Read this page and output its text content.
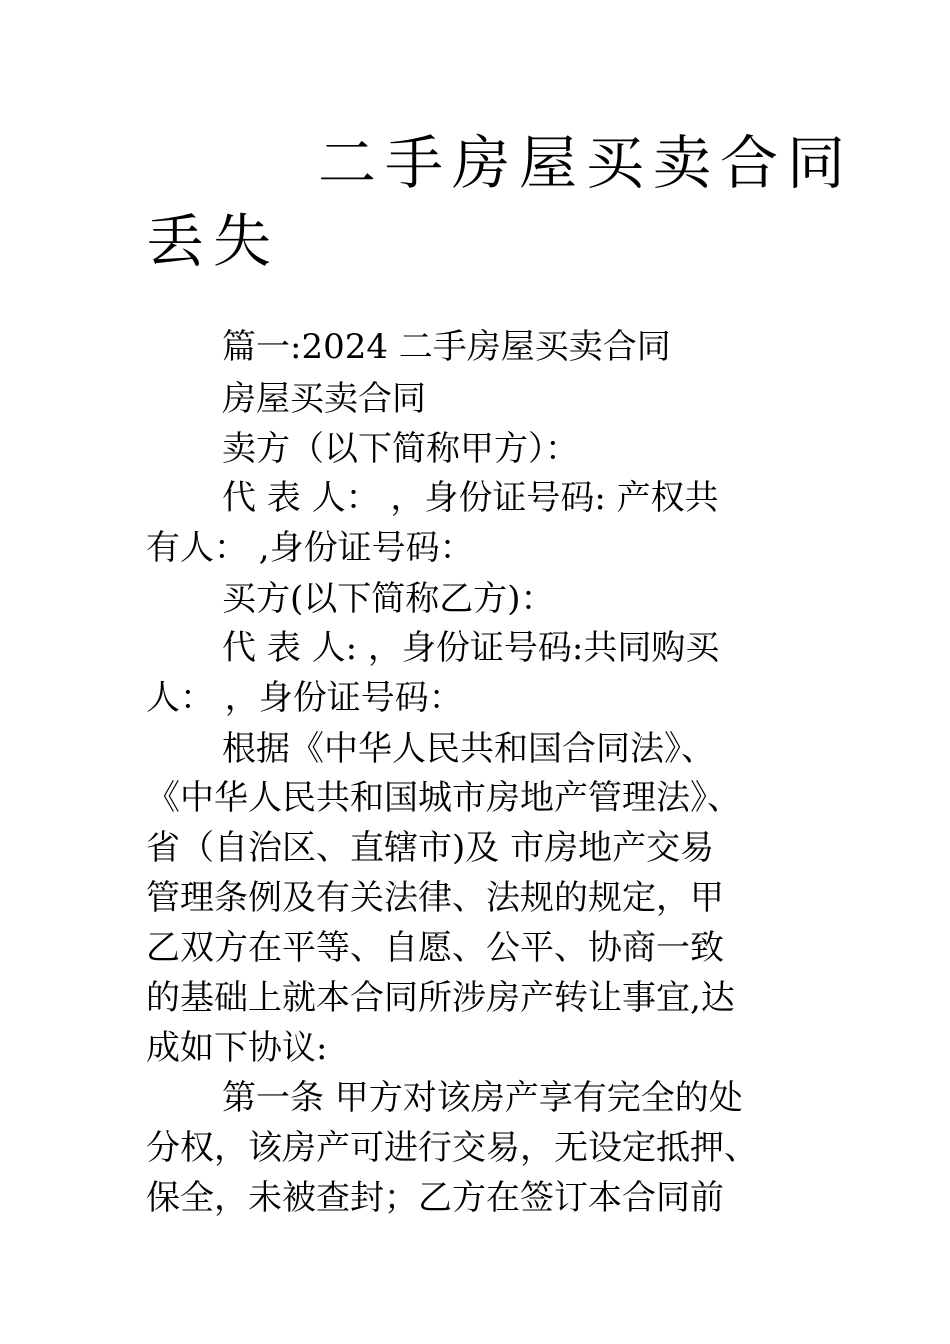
二手房屋买卖合同
丢失
篇一:2024 二手房屋买卖合同
房屋买卖合同
卖方（以下简称甲方）：
代 表 人： ，身份证号码: 产权共
有人： ,身份证号码：
买方(以下简称乙方)：
代 表 人: ，身份证号码:共同购买
人： ，身份证号码：
根据《中华人民共和国合同法》、
《中华人民共和国城市房地产管理法》、
省（自治区、直辖市)及 市房地产交易
管理条例及有关法律、法规的规定，甲
乙双方在平等、自愿、公平、协商一致
的基础上就本合同所涉房产转让事宜,达
成如下协议:
第一条 甲方对该房产享有完全的处
分权，该房产可进行交易，无设定抵押、
保全，未被查封；乙方在签订本合同前
